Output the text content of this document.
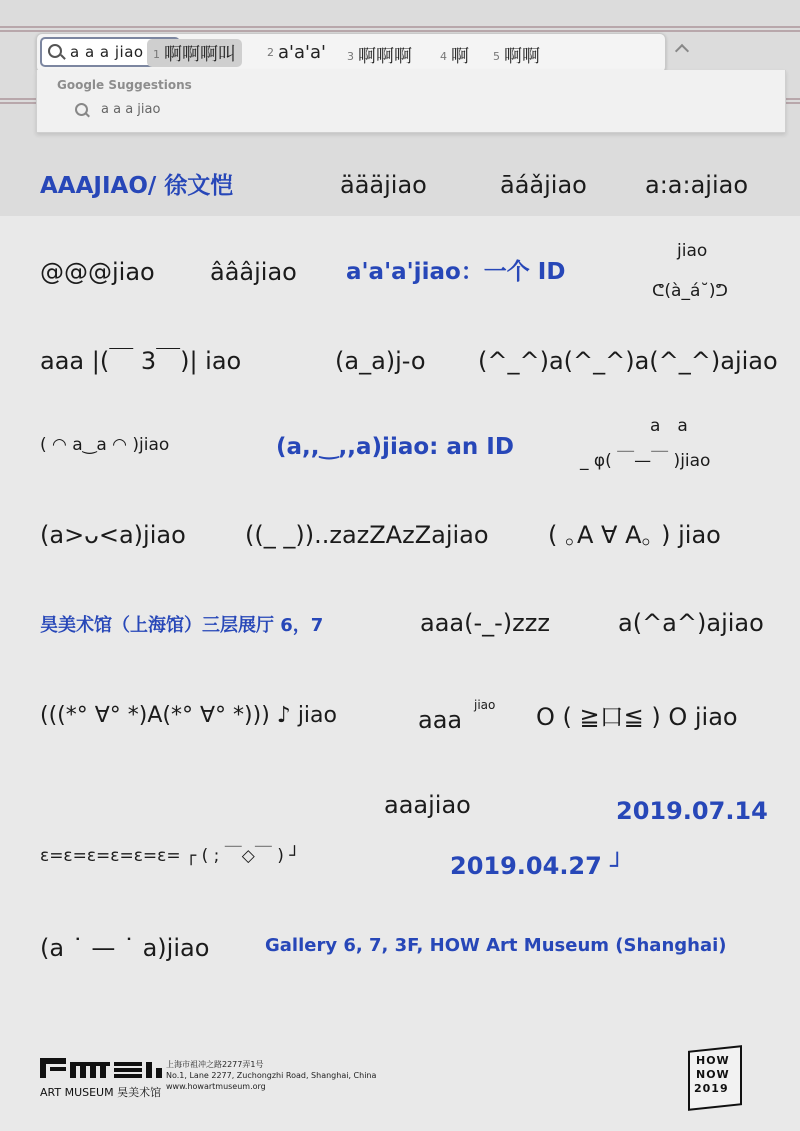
a a a jiao 1 啊啊啊叫	2 a'a'a' 3 啊啊啊	4 啊 5 啊啊
Google Suggestions
a a a jiao
AAAJIAO/ 徐文恺	äääjiao	āáǎjiao a:a:ajiao
@@@jiao âââjiao a'a'a'jiao：一个 ID
jiao
ᕦ(à_á˘)ᕤ
aaa |(￣ 3￣)| iao	(a_a)j-o (^_^)a(^_^)a(^_^)ajiao
( ◠ a‿a ◠ )jiao	(a,,‿,,a)jiao: an ID
a　a
_ φ( ￣—￣ )jiao
(a>ᴗ<a)jiao ((_ _))..zazZAzZajiao ( ｡A ∀ A｡ ) jiao
昊美术馆（上海馆）三层展厅 6，7	aaa(-_-)zzz	a(^a^)ajiao
(((*° ∀° *)A(*° ∀° *))) ♪ jiao	aaa
jiao O ( ≧口≦ ) O jiao
aaajiao	2019.07.14
ε=ε=ε=ε=ε=ε= ┌ ( ; ￣◇￣ ) ┘	2019.04.27 ┘
(a ˙ — ˙ a)jiao	Gallery 6, 7, 3F, HOW Art Museum (Shanghai)
ART MUSEUM 昊美术馆
上海市祖冲之路2277弄1号
No.1, Lane 2277, Zuchongzhi Road, Shanghai, China
www.howartmuseum.org
HOW
NOW
2019
